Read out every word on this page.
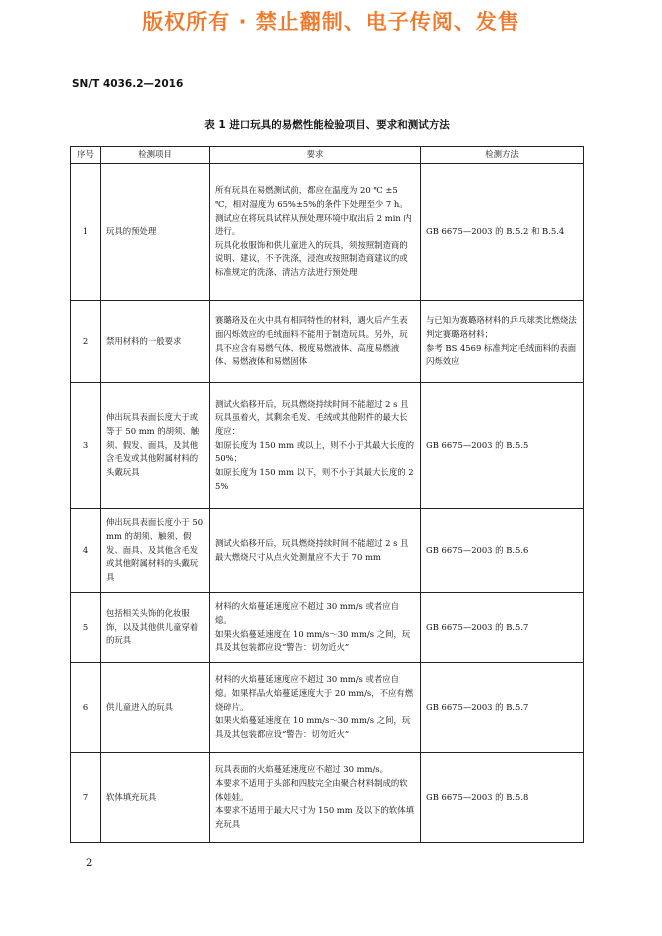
版权所有 · 禁止翻制、电子传阅、发售
SN/T 4036.2—2016
表 1 进口玩具的易燃性能检验项目、要求和测试方法
序号	检测项目	要求	检测方法
1	玩具的预处理	所有玩具在易燃测试前，都应在温度为 20 ℃ ±5 ℃，相对湿度为 65%±5%的条件下处理至少 7 h。测试应在将玩具试样从预处理环境中取出后 2 min 内进行。
玩具化妆服饰和供儿童进入的玩具，须按照制造商的说明、建议，不予洗涤，浸泡或按照制造商建议的或标准规定的洗涤、清洁方法进行预处理	GB 6675—2003 的 B.5.2 和 B.5.4

2	禁用材料的一般要求	赛璐珞及在火中具有相同特性的材料，遇火后产生表面闪烁效应的毛绒面料不能用于制造玩具。另外，玩具不应含有易燃气体、极度易燃液体、高度易燃液体、易燃液体和易燃固体	与已知为赛璐珞材料的乒乓球类比燃烧法判定赛璐珞材料；
参考 BS 4569 标准判定毛绒面料的表面闪烁效应

3	伸出玩具表面长度大于或等于 50 mm 的胡须、触须、假发、面具，及其他含毛发或其他附属材料的头戴玩具	测试火焰移开后，玩具燃烧持续时间不能超过 2 s 且玩具虽着火，其剩余毛发、毛绒或其他附件的最大长度应：
如原长度为 150 mm 或以上，则不小于其最大长度的 50%；
如原长度为 150 mm 以下，则不小于其最大长度的 25%	GB 6675—2003 的 B.5.5

4	伸出玩具表面长度小于 50 mm 的胡须、触须、假发、面具、及其他含毛发或其他附属材料的头戴玩具	测试火焰移开后，玩具燃烧持续时间不能超过 2 s 且最大燃烧尺寸从点火处测量应不大于 70 mm	GB 6675—2003 的 B.5.6

5	包括相关头饰的化妆服饰，以及其他供儿童穿着的玩具	材料的火焰蔓延速度应不超过 30 mm/s 或者应自熄。
如果火焰蔓延速度在 10 mm/s～30 mm/s 之间，玩具及其包装都应设“警告：切勿近火”	GB 6675—2003 的 B.5.7

6	供儿童进入的玩具	材料的火焰蔓延速度应不超过 30 mm/s 或者应自熄。如果样品火焰蔓延速度大于 20 mm/s，不应有燃烧碎片。
如果火焰蔓延速度在 10 mm/s～30 mm/s 之间，玩具及其包装都应设“警告：切勿近火”	GB 6675—2003 的 B.5.7

7	软体填充玩具	玩具表面的火焰蔓延速度应不超过 30 mm/s。
本要求不适用于头部和四肢完全由聚合材料制成的软体娃娃。
本要求不适用于最大尺寸为 150 mm 及以下的软体填充玩具	GB 6675—2003 的 B.5.8
2
